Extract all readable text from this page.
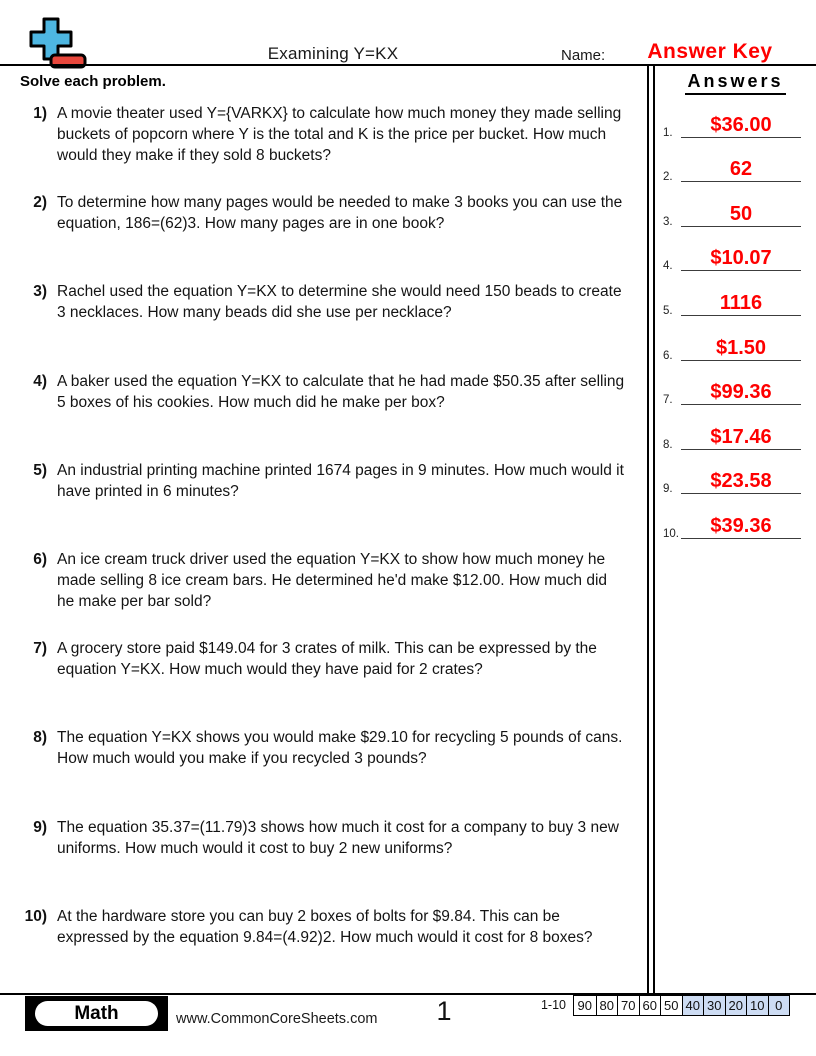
Examining Y=KX	Name:	Answer Key
Solve each problem.
1) A movie theater used Y={VARKX} to calculate how much money they made selling buckets of popcorn where Y is the total and K is the price per bucket. How much would they make if they sold 8 buckets?
2) To determine how many pages would be needed to make 3 books you can use the equation, 186=(62)3. How many pages are in one book?
3) Rachel used the equation Y=KX to determine she would need 150 beads to create 3 necklaces. How many beads did she use per necklace?
4) A baker used the equation Y=KX to calculate that he had made $50.35 after selling 5 boxes of his cookies. How much did he make per box?
5) An industrial printing machine printed 1674 pages in 9 minutes. How much would it have printed in 6 minutes?
6) An ice cream truck driver used the equation Y=KX to show how much money he made selling 8 ice cream bars. He determined he'd make $12.00. How much did he make per bar sold?
7) A grocery store paid $149.04 for 3 crates of milk. This can be expressed by the equation Y=KX. How much would they have paid for 2 crates?
8) The equation Y=KX shows you would make $29.10 for recycling 5 pounds of cans. How much would you make if you recycled 3 pounds?
9) The equation 35.37=(11.79)3 shows how much it cost for a company to buy 3 new uniforms. How much would it cost to buy 2 new uniforms?
10) At the hardware store you can buy 2 boxes of bolts for $9.84. This can be expressed by the equation 9.84=(4.92)2. How much would it cost for 8 boxes?
Answers
1.	$36.00
2.	62
3.	50
4.	$10.07
5.	1116
6.	$1.50
7.	$99.36
8.	$17.46
9.	$23.58
10.	$39.36
Math	www.CommonCoreSheets.com	1	1-10 90 80 70 60 50 40 30 20 10 0
